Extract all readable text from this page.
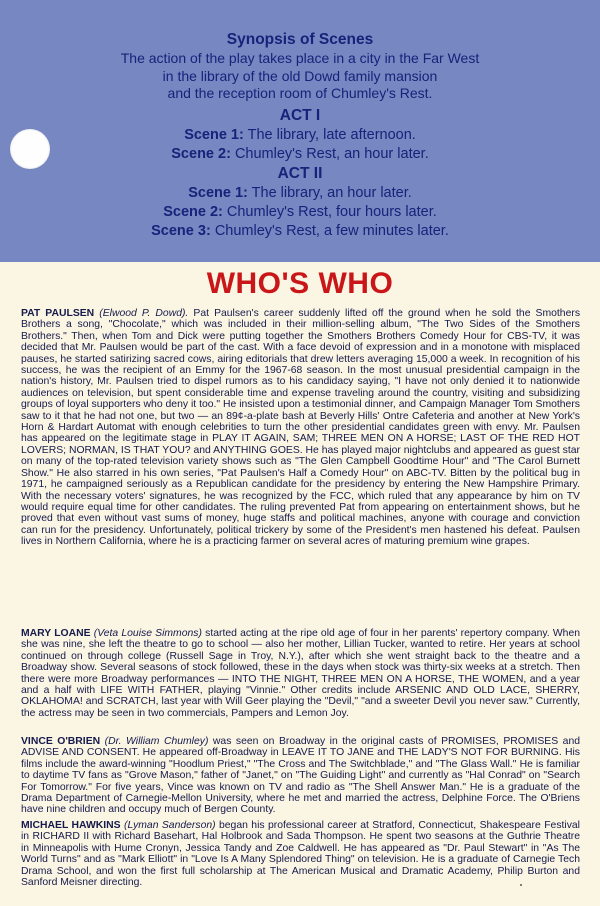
Synopsis of Scenes

The action of the play takes place in a city in the Far West
in the library of the old Dowd family mansion
and the reception room of Chumley's Rest.

ACT I

Scene 1: The library, late afternoon.

Scene 2: Chumley's Rest, an hour later.

ACT II

Scene 1: The library, an hour later.

Scene 2: Chumley's Rest, four hours later.

Scene 3: Chumley's Rest, a few minutes later.

WHO'S WHO

PAT PAULSEN (Elwood P. Dowd). Pat Paulsen's career suddenly lifted off the ground when he sold the Smothers Brothers a song, "Chocolate," which was included in their million-selling album, "The Two Sides of the Smothers Brothers." Then, when Tom and Dick were putting together the Smothers Brothers Comedy Hour for CBS-TV, it was decided that Mr. Paulsen would be part of the cast. With a face devoid of expression and in a monotone with misplaced pauses, he started satirizing sacred cows, airing editorials that drew letters averaging 15,000 a week. In recognition of his success, he was the recipient of an Emmy for the 1967-68 season. In the most unusual presidential campaign in the nation's history, Mr. Paulsen tried to dispel rumors as to his candidacy saying, "I have not only denied it to nationwide audiences on television, but spent considerable time and expense traveling around the country, visiting and subsidizing groups of loyal supporters who deny it too." He insisted upon a testimonial dinner, and Campaign Manager Tom Smothers saw to it that he had not one, but two — an 89¢-a-plate bash at Beverly Hills' Ontre Cafeteria and another at New York's Horn & Hardart Automat with enough celebrities to turn the other presidential candidates green with envy. Mr. Paulsen has appeared on the legitimate stage in PLAY IT AGAIN, SAM; THREE MEN ON A HORSE; LAST OF THE RED HOT LOVERS; NORMAN, IS THAT YOU? and ANYTHING GOES. He has played major nightclubs and appeared as guest star on many of the top-rated television variety shows such as "The Glen Campbell Goodtime Hour" and "The Carol Burnett Show." He also starred in his own series, "Pat Paulsen's Half a Comedy Hour" on ABC-TV. Bitten by the political bug in 1971, he campaigned seriously as a Republican candidate for the presidency by entering the New Hampshire Primary. With the necessary voters' signatures, he was recognized by the FCC, which ruled that any appearance by him on TV would require equal time for other candidates. The ruling prevented Pat from appearing on entertainment shows, but he proved that even without vast sums of money, huge staffs and political machines, anyone with courage and conviction can run for the presidency. Unfortunately, political trickery by some of the President's men hastened his defeat. Paulsen lives in Northern California, where he is a practicing farmer on several acres of maturing premium wine grapes.

MARY LOANE (Veta Louise Simmons) started acting at the ripe old age of four in her parents' repertory company. When she was nine, she left the theatre to go to school — also her mother, Lillian Tucker, wanted to retire. Her years at school continued on through college (Russell Sage in Troy, N.Y.), after which she went straight back to the theatre and a Broadway show. Several seasons of stock followed, these in the days when stock was thirty-six weeks at a stretch. Then there were more Broadway performances — INTO THE NIGHT, THREE MEN ON A HORSE, THE WOMEN, and a year and a half with LIFE WITH FATHER, playing "Vinnie." Other credits include ARSENIC AND OLD LACE, SHERRY, OKLAHOMA! and SCRATCH, last year with Will Geer playing the "Devil," "and a sweeter Devil you never saw." Currently, the actress may be seen in two commercials, Pampers and Lemon Joy.

VINCE O'BRIEN (Dr. William Chumley) was seen on Broadway in the original casts of PROMISES, PROMISES and ADVISE AND CONSENT. He appeared off-Broadway in LEAVE IT TO JANE and THE LADY'S NOT FOR BURNING. His films include the award-winning "Hoodlum Priest," "The Cross and The Switchblade," and "The Glass Wall." He is familiar to daytime TV fans as "Grove Mason," father of "Janet," on "The Guiding Light" and currently as "Hal Conrad" on "Search For Tomorrow." For five years, Vince was known on TV and radio as "The Shell Answer Man." He is a graduate of the Drama Department of Carnegie-Mellon University, where he met and married the actress, Delphine Force. The O'Briens have nine children and occupy much of Bergen County.

MICHAEL HAWKINS (Lyman Sanderson) began his professional career at Stratford, Connecticut, Shakespeare Festival in RICHARD II with Richard Basehart, Hal Holbrook and Sada Thompson. He spent two seasons at the Guthrie Theatre in Minneapolis with Hume Cronyn, Jessica Tandy and Zoe Caldwell. He has appeared as "Dr. Paul Stewart" in "As The World Turns" and as "Mark Elliott" in "Love Is A Many Splendored Thing" on television. He is a graduate of Carnegie Tech Drama School, and won the first full scholarship at The American Musical and Dramatic Academy, Philip Burton and Sanford Meisner directing.
